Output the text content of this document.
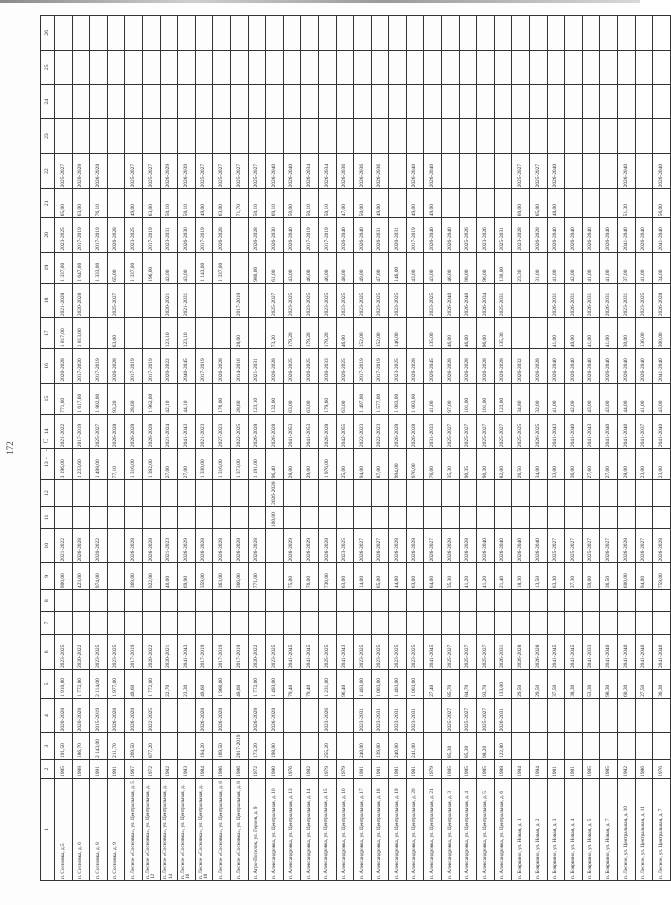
172	- - С
1	2	3	4	5	6	7	8	9	10	11	12	13	14	15	16	17	18	19	20	21	22	23	24	25	26
п. Сосновка, д.5	1985	191,50	2020-2028	1 910,80	2023-2025			900,00	2021-2022			3 196,00	2021-2022	771,60	2020-2028	1 817,00	2021-2028	1 337,00	2023-2025	65,00	2025-2027				
п. Сосновка, д. 6	1988	186,70	2020-2028	1 772,80	2020-2022			423,00	2026-2028			1 233,60	2017-2019	1 617,60	2017-2020	1 813,00	2020-2028	1 647,00	2017-2019	63,00	2020-2028				
п. Сосновка, д. 8	1991	2 143,00	2015-2019	2 114,00	2023-2025			974,00	2020-2022			1 498,00	2025-2027	1 802,00	2017-2019			1 333,00	2017-2019	76,10	2026-2028				
п. Сосновка, д. 9	1991	211,70	2026-2028	1 977,00	2023-2025							77,10	2026-2028	93,20	2026-2028	63,00	2025-2027	65,00	2026-2028						
п. Лесное «Сосновка», ул. Центральная, д. 5	1967	209,50	2026-2028	49,60	2017-2019			369,00	2026-2028			1 316,00	2026-2028	28,60	2017-2019			1 337,00	2023-2025	49,00	2025-2027				
п. Лесное «Сосновка», ул. Центральная, д. 12	1972	877,20	2022-2025	1 772,00	2020-2022			922,00	2026-2028			1 392,00	2026-2028	1 962,00	2017-2019			196,00	2017-2019	63,00	2025-2027				
п. Лесное «Сосновка», ул. Центральная, д. 14	1982			22,70	2020-2021			40,00	2021-2023			27,00	2021-2024	42,10	2020-2022	123,10	2020-2021	42,00	2023-2031	50,10	2026-2029				
п. Лесное «Сосновка», ул. Центральная, д. 16	1983			23,30	2041-2043			69,90	2026-2029			27,00	2041-2043	44,10	2040-2045	123,10	2021-2031	43,00	2026-2030	50,10	2026-2039				
п. Лесное «Сосновка», ул. Центральная, д. 18	1984	194,20	2026-2028	49,60	2017-2019			359,00	2026-2028			1 330,00	2021-2023		2017-2019			1 143,00	2017-2019	49,00	2025-2027				
п. Лесное «Сосновка», ул. Центральная, д. 6	1986	169,50	2026-2028	1 966,00	2017-2019			363,00	2026-2028			1 316,00	2027-2023	176,00	2026-2028			1 337,00	2026-2028	63,00	2025-2027				
п. Лесное «Сосновка», ул. Центральная, д. 8	1986	2017-2019		49,60	2017-2019			366,00	2026-2028			1 373,00	2022-2025	28,60	2014-2016	28,00	2017-2019			71,70	2025-2027				
п. Агро-Поселок, ул. Героев, д. 9	1972	173,20	2026-2028	1 772,00	2020-2022			771,00	2026-2028			1 191,00	2026-2028	123,10	2021-2031			980,00	2026-2028	50,10	2025-2027				
п. Александровка, ул. Центральная, д. 10	1980	198,00	2026-2028	1 493,00	2023-2025					100,00	2026-2028	96,40	2026-2028	132,00	2026-2028	73,20	2025-2027	61,00	2026-2030	69,10	2026-2040				
п. Александровка, ул. Центральная, д. 13	1976			79,40	2041-2045			75,00	2026-2029			28,00	2041-2053	63,00	2026-2025	179,20	2023-2025	43,00	2026-2040	50,00	2026-2040				
п. Александровка, ул. Центральная, д. 14	1982			79,40	2041-2045			70,00	2026-2029			29,00	2041-2053	63,00	2026-2025	179,20	2023-2025	46,00	2017-2019	50,10	2026-2034				
п. Александровка, ул. Центральная, д. 15	1979	255,20	2023-2026	1 231,00	2025-2025			730,00	2026-2028			1 976,00	2026-2028	179,60	2030-2033	179,20	2023-2025	46,00	2017-2019	50,10	2026-2034				
п. Александровка, ул. Центральная, д. 16	1979			96,40	2041-2043			63,00	2023-2025			25,00	2042-2055	63,00	2026-2025	46,00	2023-2025	48,00	2026-2040	47,00	2026-2036				
п. Александровка, ул. Центральная, д. 17	1981	240,00	2023-2031	1 403,00	2023-2025			14,00	2026-2027			94,00	2022-2023	1 497,00	2017-2019	152,00	2023-2025	49,00	2026-2040	50,00	2026-2036				
п. Александровка, ул. Центральная, д. 18	1981	139,00	2023-2031	1 003,00	2023-2025			65,00	2026-2027			87,00	2022-2023	1 577,00	2017-2019	152,00	2023-2025	47,00	2026-2031	49,00	2026-2036				
п. Александровка, ул. Центральная, д. 19	1981	240,00	2023-2031	1 403,00	2023-2025			44,00	2026-2028			994,00	2026-2028	1 083,00	2023-2025	146,00	2023-2025	146,00	2020-2031						
п. Александровка, ул. Центральная, д. 20	1981	241,00	2023-2031	1 003,00	2023-2025			63,00	2026-2028			976,00	2026-2028	1 003,00	2026-2028			43,00	2017-2019	49,00	2026-2040				
п. Александровка, ул. Центральная, д. 21	1979			27,40	2041-2045			64,00	2026-2027			76,00	2031-2033	41,00	2026-2045	135,00	2023-2025	43,00	2026-2040	49,00	2026-2040				
п. Александровка, ул. Центральная, д. 3	1985	85,30	2025-2027	85,70	2025-2027			35,30	2026-2028			35,30	2025-2027	97,00	2026-2028	46,00	2026-2040	46,00	2026-2040						
п. Александровка, ул. Центральная, д. 4	1985	85,30	2025-2027	84,70	2025-2027			41,20	2026-2028			90,35	2025-2027	101,00	2026-2028	46,00	2026-2040	98,00	2025-2026						
п. Александровка, ул. Центральная, д. 5	1985	98,20	2025-2027	93,70	2025-2027			41,20	2026-2040			90,30	2025-2027	101,00	2026-2028	96,00	2026-2034	96,00	2023-2026						
п. Александровка, ул. Центральная, д. 6	1988	122,80	2020-2031	133,00	2026-2031			21,40	2026-2040			82,00	2025-2027	123,00	2026-2028	135,30	2025-2031	130,00	2025-2031						
п. Бояркино, ул. Новая, д. 1	1984			29,50	2026-2028			18,30	2026-2040			26,50	2025-2025	34,80	2026-2032			23,30	2023-2028	60,00	2025-2027				
п. Бояркино, ул. Новая, д. 2	1984			29,50	2026-2028			13,50	2026-2040			34,00	2026-2025	32,00	2026-2028			31,00	2026-2028	65,00	2025-2027				
п. Бояркино, ул. Новая, д. 3	1981			37,50	2041-2045			63,30	2025-2027			33,00	2041-2043	41,00	2026-2040	41,00	2026-2031	41,00	2026-2040	48,00	2026-2040				
п. Бояркино, ул. Новая, д. 4	1981			38,30	2041-2045			37,30	2025-2027			36,00	2041-2040	42,00	2026-2040	40,00	2026-2031	42,00	2026-2040						
п. Бояркино, ул. Новая, д. 5	1985			53,30	2041-2033			59,00	2025-2027			27,60	2041-2043	43,00	2026-2040	41,00	2026-2031	41,00	2026-2040						
п. Бояркино, ул. Новая, д. 7	1985			98,30	2041-2040			36,50	2026-2027			27,00	2041-2040	43,00	2026-2040	41,00	2026-2031	41,00	2026-2040						
п. Лесное, ул. Центральная, д. 10	1982			60,30	2041-2040			600,00	2026-2028			28,00	2041-2040	44,00	2026-2040	30,00	2023-2031	37,00	2041-2040	51,30	2026-2040				
п. Лесное, ул. Центральная, д. 11	1986			27,50	2041-2040			94,00	2026-2027			23,00	2041-2037	41,00	2026-2040	136,00	2023-2025	41,00	2026-2040						
п. Лесное, ул. Центральная, д. 7	1976			30,30	2041-2040			759,00	2026-2028			23,00	2041-2040	43,00	2041-2040	300,00	2026-2028	34,00	2041-2040	56,00	2026-2040				
